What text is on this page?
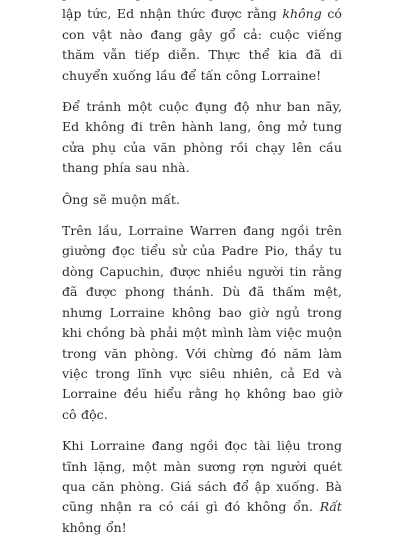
lập tức, Ed nhận thức được rằng không có con vật nào đang gây gổ cả: cuộc viếng thăm vẫn tiếp diễn. Thực thể kia đã di chuyển xuống lầu để tấn công Lorraine!

Để tránh một cuộc đụng độ như ban nãy, Ed không đi trên hành lang, ông mở tung cửa phụ của văn phòng rồi chạy lên cầu thang phía sau nhà.

Ông sẽ muộn mất.

Trên lầu, Lorraine Warren đang ngồi trên giường đọc tiểu sử của Padre Pio, thầy tu dòng Capuchin, được nhiều người tin rằng đã được phong thánh. Dù đã thấm mệt, nhưng Lorraine không bao giờ ngủ trong khi chồng bà phải một mình làm việc muộn trong văn phòng. Với chừng đó năm làm việc trong lĩnh vực siêu nhiên, cả Ed và Lorraine đều hiểu rằng họ không bao giờ cô độc.

Khi Lorraine đang ngồi đọc tài liệu trong tĩnh lặng, một màn sương rợn người quét qua căn phòng. Giá sách đổ ập xuống. Bà cũng nhận ra có cái gì đó không ổn. Rất không ổn!
